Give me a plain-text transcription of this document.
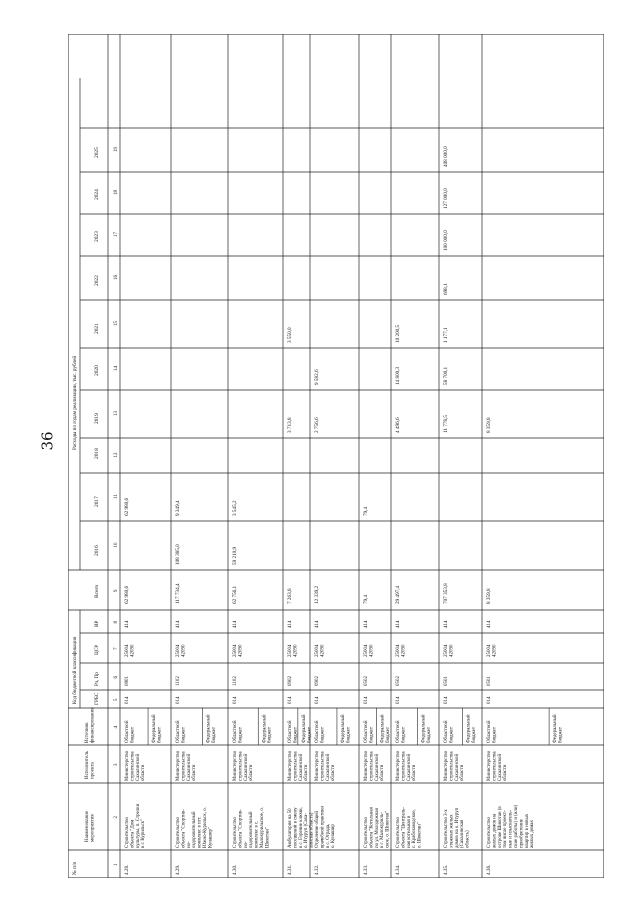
36
№ п/п
Наименование мероприятия
Исполнитель проекта
Источник финансирования
Код бюджетной классификации	ГРБС
Рз, Пр
ЦСР
ВР
Всего
Расходы по годам реализации, тыс. рублей
2016
2017
2018
2019
2020
2021
2022
2023
2024
2025
1
2
3
4
5
6
7
8
9
10
11
12
13
14
15
16
17
18
19
4.28.
Строительство объекта "Дом культуры, п. Стрелки в г. Курильск"
Министерство строительства Сахалинской области
Областной бюджет
014
0801
25004 42090
414
62 980,6
62 980,6
Федеральный бюджет
4.29.
Строительство объекта "Спортив- но- оздоровительный комплекс в пгт. Южно-Курильск, о. Кунашир"
Министерство строительства Сахалинской области
Областной бюджет
014
1102
25004 42090
414
117 734,4
108 385,0
9 349,4
Федеральный бюджет
4.30.
Строительство объекта "Спортив- но- оздоровительный комплекс в с. Малокурильское, о. Шикотан"
Министерство строительства Сахалинской области
Областной бюджет
014
1102
25004 42090
414
62 756,1
59 210,9
3 545,2
Федеральный бюджет
4.31.
Амбулатория на 50 посещений в смену в с. Горячие ключи, о. Итуруп (Саха- линская область)
Министерство строительства Сахалинской области
Областной бюджет
014
0902
25004 42090
414
7 263,8
3 713,8
3 550,0
Федеральный бюджет
4.32.
Отделение общей врачебной практики в с. Отрада, о. Кунашир
Министерство строительства Сахалинской области
Областной бюджет
014
0902
25004 42090
414
12 339,2
2 756,6
9 582,6
Федеральный бюджет
4.33.
Строительство объекта "Котельная по ул. Молодежная в с. Малокуриль- ское, о. Шикотан"
Министерство строительства Сахалинской области
Областной бюджет
014
0502
25004 42090
414
79,4
79,4
Федеральный бюджет
4.34.
Строительство объекта "Централь- ная котельная в с. Крабозаводское, о. Шикотан"
Министерство строительства Сахалинской области
Областной бюджет
014
0502
25004 42090
414
29 497,4
4 496,6
14 800,3
10 200,5
Федеральный бюджет
4.35.
Строительство 3-х этажных жилых домов на о. Итуруп (Сахалинская область)
Министерство строительства Сахалинской области
Областной бюджет
014
0501
25004 42090
414
707 353,8
11 778,5
58 700,1
1 177,1
698,1
100 000,0
127 000,0
408 000,0
Федеральный бюджет
4.36.
Строительство жилых домов на острове Шикотан (в том числе проект- ные и изыскатель- ские работы) и (или) приобретение квартир в новых жилых домах
Министерство строительства Сахалинской области
Областной бюджет
014
0501
25004 42090
414
8 359,8
8 359,8
Федеральный бюджет
